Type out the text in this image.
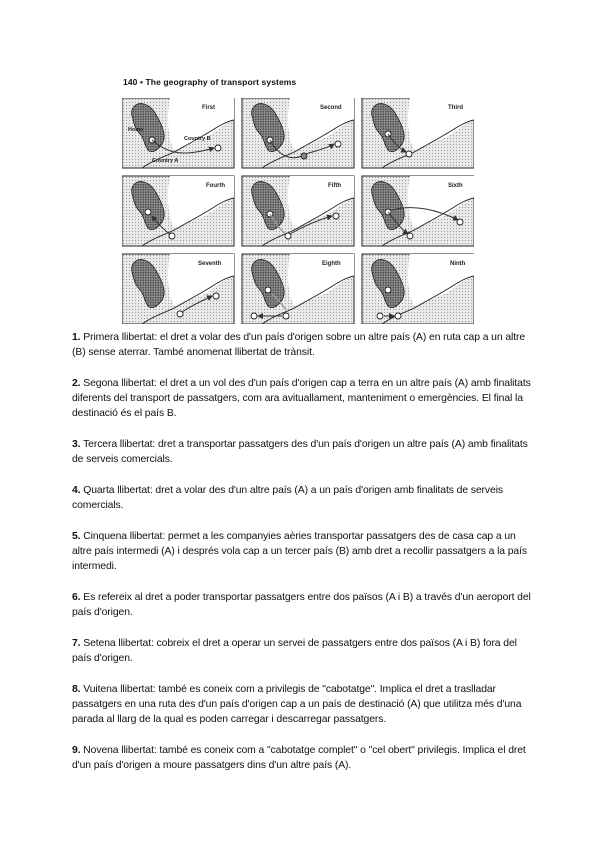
140 • The geography of transport systems
First
Home
Country B
Country A
Second	Third
Fourth	Fifth	Sixth
Seventh	Eighth	Ninth

1. Primera llibertat: el dret a volar des d'un país d'origen sobre un altre país (A) en ruta cap a un altre (B) sense aterrar. També anomenat llibertat de trànsit.

2. Segona llibertat: el dret a un vol des d'un país d'origen cap a terra en un altre país (A) amb finalitats diferents del transport de passatgers, com ara avituallament, manteniment o emergències. El final la destinació és el país B.

3. Tercera llibertat: dret a transportar passatgers des d'un país d'origen un altre país (A) amb finalitats de serveis comercials.

4. Quarta llibertat: dret a volar des d'un altre país (A) a un país d'origen amb finalitats de serveis comercials.

5. Cinquena llibertat: permet a les companyies aèries transportar passatgers des de casa cap a un altre país intermedi (A) i després vola cap a un tercer país (B) amb dret a recollir passatgers a la país intermedi.

6. Es refereix al dret a poder transportar passatgers entre dos països (A i B) a través d'un aeroport del país d'origen.

7. Setena llibertat: cobreix el dret a operar un servei de passatgers entre dos països (A i B) fora del país d'origen.

8. Vuitena llibertat: també es coneix com a privilegis de "cabotatge". Implica el dret a traslladar passatgers en una ruta des d'un país d'origen cap a un país de destinació (A) que utilitza més d'una parada al llarg de la qual es poden carregar i descarregar passatgers.

9. Novena llibertat: també es coneix com a "cabotatge complet" o "cel obert" privilegis. Implica el dret d'un país d'origen a moure passatgers dins d'un altre país (A).
